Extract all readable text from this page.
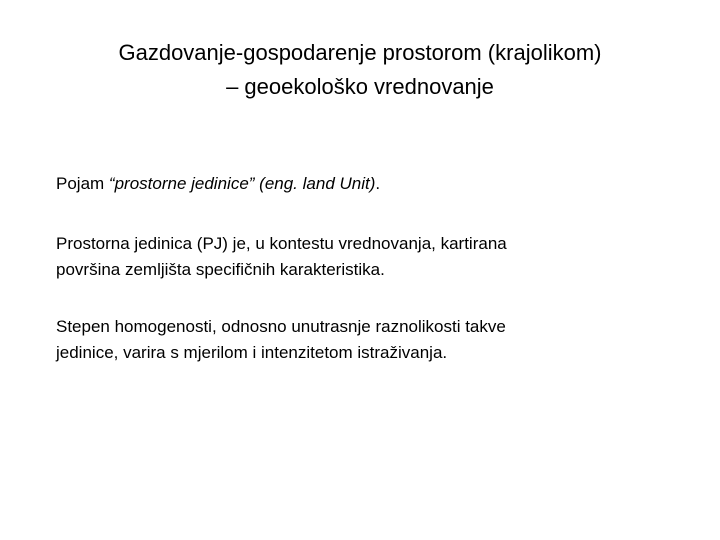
Gazdovanje-gospodarenje prostorom (krajolikom)
– geoekološko vrednovanje
Pojam “prostorne jedinice” (eng. land Unit).
Prostorna jedinica (PJ) je, u kontestu vrednovanja, kartirana
površina zemljišta specifičnih karakteristika.
Stepen homogenosti, odnosno unutrasnje raznolikosti takve
jedinice, varira s mjerilom i intenzitetom istraživanja.
